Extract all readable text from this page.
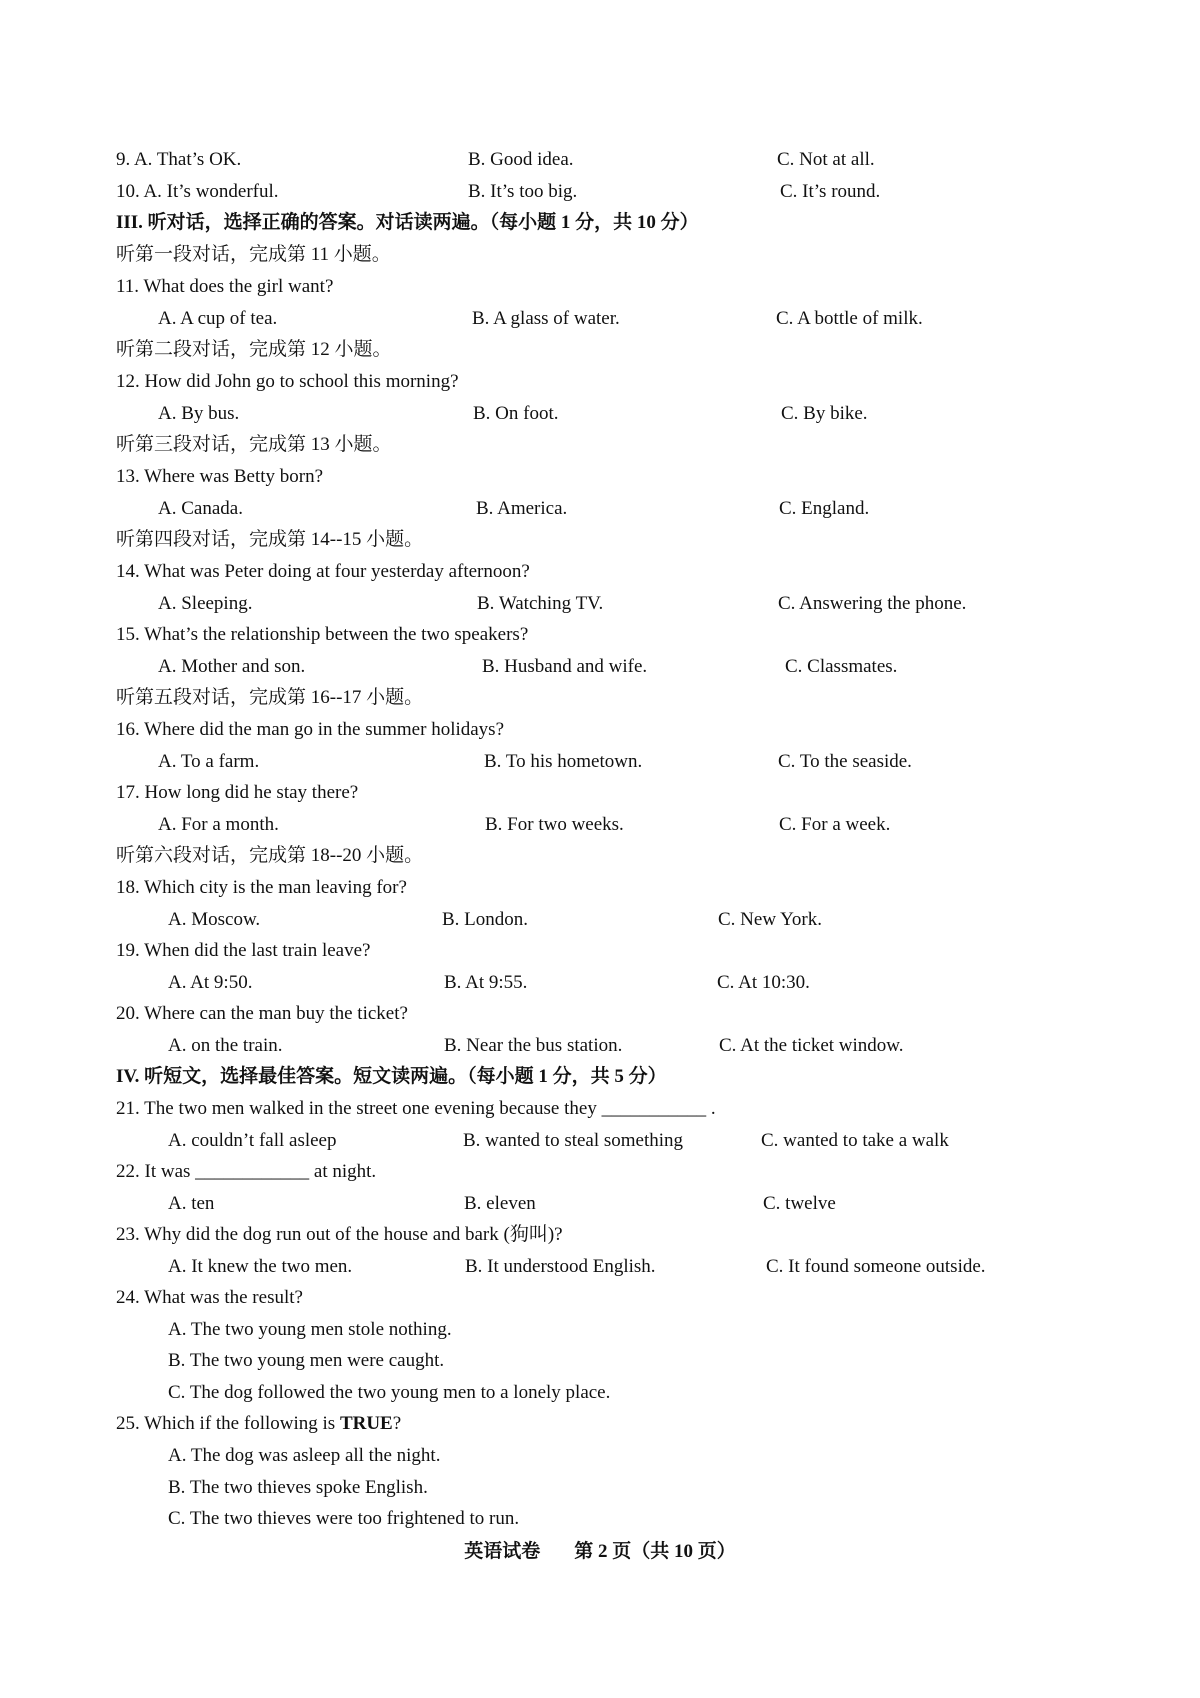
9. A. That’s OK.	B. Good idea.	C. Not at all.
10. A. It’s wonderful.	B. It’s too big.	C. It’s round.
III. 听对话，选择正确的答案。对话读两遍。（每小题 1 分，共 10 分）
听第一段对话，完成第 11 小题。
11. What does the girl want?
A. A cup of tea.	B. A glass of water.	C. A bottle of milk.
听第二段对话，完成第 12 小题。
12. How did John go to school this morning?
A. By bus.	B. On foot.	C. By bike.
听第三段对话，完成第 13 小题。
13. Where was Betty born?
A. Canada.	B. America.	C. England.
听第四段对话，完成第 14--15 小题。
14. What was Peter doing at four yesterday afternoon?
A. Sleeping.	B. Watching TV.	C. Answering the phone.
15. What’s the relationship between the two speakers?
A. Mother and son.	B. Husband and wife.	C. Classmates.
听第五段对话，完成第 16--17 小题。
16. Where did the man go in the summer holidays?
A. To a farm.	B. To his hometown.	C. To the seaside.
17. How long did he stay there?
A. For a month.	B. For two weeks.	C. For a week.
听第六段对话，完成第 18--20 小题。
18. Which city is the man leaving for?
A. Moscow.	B. London.	C. New York.
19. When did the last train leave?
A. At 9:50.	B. At 9:55.	C. At 10:30.
20. Where can the man buy the ticket?
A. on the train.	B. Near the bus station.	C. At the ticket window.
IV. 听短文，选择最佳答案。短文读两遍。（每小题 1 分，共 5 分）
21. The two men walked in the street one evening because they ___________ .
A. couldn’t fall asleep	B. wanted to steal something	C. wanted to take a walk
22. It was ____________ at night.
A. ten	B. eleven	C. twelve
23. Why did the dog run out of the house and bark (狗叫)?
A. It knew the two men.	B. It understood English.	C. It found someone outside.
24. What was the result?
A. The two young men stole nothing.
B. The two young men were caught.
C. The dog followed the two young men to a lonely place.
25. Which if the following is TRUE?
A. The dog was asleep all the night.
B. The two thieves spoke English.
C. The two thieves were too frightened to run.
英语试卷 第 2 页（共 10 页）
